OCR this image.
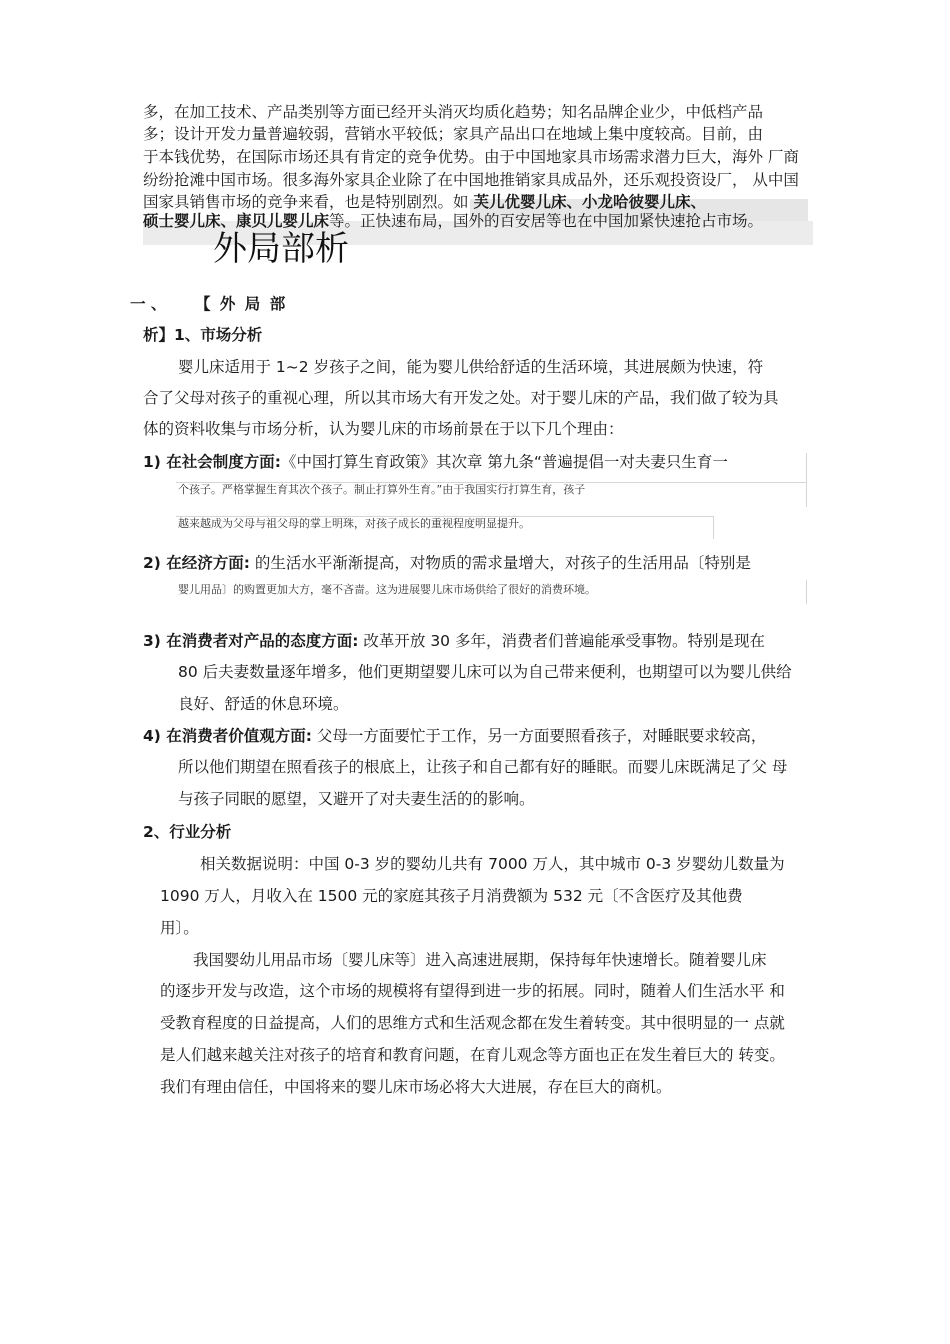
多，在加工技术、产品类别等方面已经开头消灭均质化趋势；知名品牌企业少，中低档产品
多；设计开发力量普遍较弱，营销水平较低；家具产品出口在地域上集中度较高。目前，由
于本钱优势，在国际市场还具有肯定的竞争优势。由于中国地家具市场需求潜力巨大，海外 厂商
纷纷抢滩中国市场。很多海外家具企业除了在中国地推销家具成品外，还乐观投资设厂， 从中国
国家具销售市场的竞争来看，也是特别剧烈。如 芙儿优婴儿床、小龙哈彼婴儿床、
硕士婴儿床、康贝儿婴儿床等。正快速布局，国外的百安居等也在中国加紧快速抢占市场。
外局部析
一 、 【 外 局 部
析】1、市场分析
婴儿床适用于 1~2 岁孩子之间，能为婴儿供给舒适的生活环境，其进展颇为快速，符
合了父母对孩子的重视心理，所以其市场大有开发之处。对于婴儿床的产品，我们做了较为具
体的资料收集与市场分析，认为婴儿床的市场前景在于以下几个理由：
1) 在社会制度方面:《中国打算生育政策》其次章 第九条“普遍提倡一对夫妻只生育一
个孩子。严格掌握生育其次个孩子。制止打算外生育。”由于我国实行打算生育，孩子
越来越成为父母与祖父母的掌上明珠，对孩子成长的重视程度明显提升。
2) 在经济方面: 的生活水平渐渐提高，对物质的需求量增大，对孩子的生活用品〔特别是
婴儿用品〕的购置更加大方，毫不吝啬。这为进展婴儿床市场供给了很好的消费环境。
3) 在消费者对产品的态度方面: 改革开放 30 多年，消费者们普遍能承受事物。特别是现在
80 后夫妻数量逐年增多，他们更期望婴儿床可以为自己带来便利，也期望可以为婴儿供给
良好、舒适的休息环境。
4) 在消费者价值观方面: 父母一方面要忙于工作，另一方面要照看孩子，对睡眠要求较高，
所以他们期望在照看孩子的根底上，让孩子和自己都有好的睡眠。而婴儿床既满足了父 母
与孩子同眠的愿望，又避开了对夫妻生活的的影响。
2、行业分析
相关数据说明：中国 0-3 岁的婴幼儿共有 7000 万人，其中城市 0-3 岁婴幼儿数量为
1090 万人，月收入在 1500 元的家庭其孩子月消费额为 532 元〔不含医疗及其他费
用〕。
我国婴幼儿用品市场〔婴儿床等〕进入高速进展期，保持每年快速增长。随着婴儿床
的逐步开发与改造，这个市场的规模将有望得到进一步的拓展。同时，随着人们生活水平 和
受教育程度的日益提高，人们的思维方式和生活观念都在发生着转变。其中很明显的一 点就
是人们越来越关注对孩子的培育和教育问题，在育儿观念等方面也正在发生着巨大的 转变。
我们有理由信任，中国将来的婴儿床市场必将大大进展，存在巨大的商机。
